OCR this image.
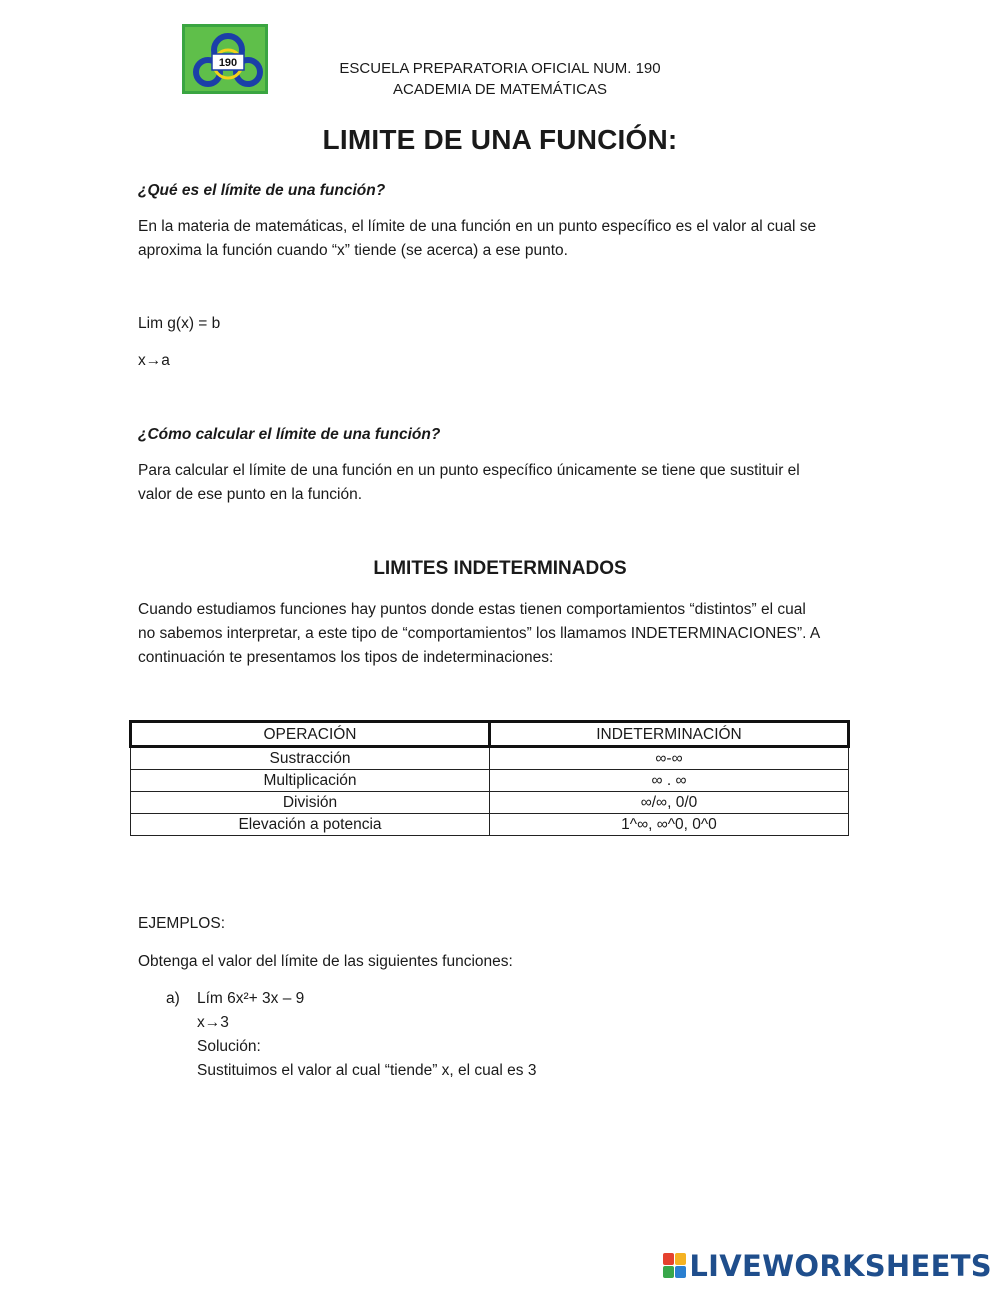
190	ESCUELA PREPARATORIA OFICIAL NUM. 190
ACADEMIA DE MATEMÁTICAS
LIMITE DE UNA FUNCIÓN:
¿Qué es el límite de una función?
En la materia de matemáticas, el límite de una función en un punto específico es el valor al cual se
aproxima la función cuando “x” tiende (se acerca) a ese punto.
Lim g(x) = b
x→a
¿Cómo calcular el límite de una función?
Para calcular el límite de una función en un punto específico únicamente se tiene que sustituir el
valor de ese punto en la función.
LIMITES INDETERMINADOS
Cuando estudiamos funciones hay puntos donde estas tienen comportamientos “distintos” el cual
no sabemos interpretar, a este tipo de “comportamientos” los llamamos INDETERMINACIONES”. A
continuación te presentamos los tipos de indeterminaciones:
OPERACIÓN	INDETERMINACIÓN
Sustracción	∞-∞
Multiplicación	∞ . ∞
División	∞/∞, 0/0
Elevación a potencia	1^∞, ∞^0, 0^0
EJEMPLOS:
Obtenga el valor del límite de las siguientes funciones:
a)	Lím 6x²+ 3x – 9
x→3
Solución:
Sustituimos el valor al cual “tiende” x, el cual es 3
LIVEWORKSHEETS
